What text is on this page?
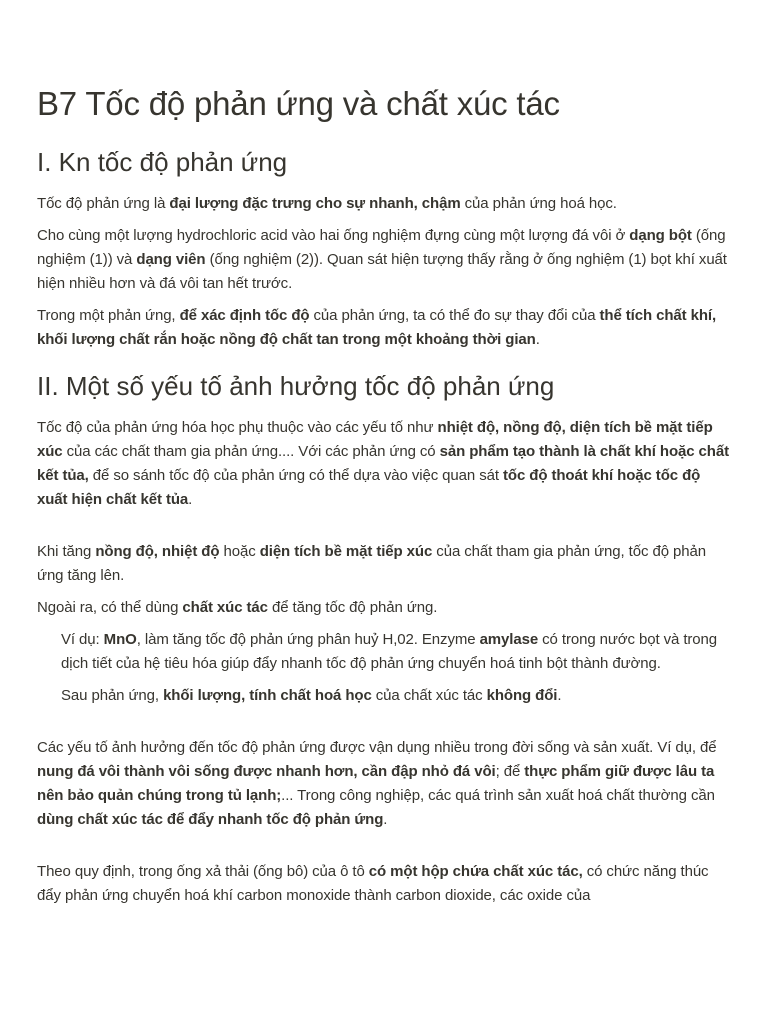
B7 Tốc độ phản ứng và chất xúc tác
I. Kn tốc độ phản ứng

Tốc độ phản ứng là đại lượng đặc trưng cho sự nhanh, chậm của phản ứng hoá học.

Cho cùng một lượng hydrochloric acid vào hai ống nghiệm đựng cùng một lượng đá vôi ở dạng bột (ống nghiệm (1)) và dạng viên (ống nghiệm (2)). Quan sát hiện tượng thấy rằng ở ống nghiệm (1) bọt khí xuất hiện nhiều hơn và đá vôi tan hết trước.

Trong một phản ứng, để xác định tốc độ của phản ứng, ta có thể đo sự thay đổi của thể tích chất khí, khối lượng chất rắn hoặc nồng độ chất tan trong một khoảng thời gian.

II. Một số yếu tố ảnh hưởng tốc độ phản ứng

Tốc độ của phản ứng hóa học phụ thuộc vào các yếu tố như nhiệt độ, nồng độ, diện tích bề mặt tiếp xúc của các chất tham gia phản ứng.... Với các phản ứng có sản phẩm tạo thành là chất khí hoặc chất kết tủa, để so sánh tốc độ của phản ứng có thể dựa vào việc quan sát tốc độ thoát khí hoặc tốc độ xuất hiện chất kết tủa.

Khi tăng nồng độ, nhiệt độ hoặc diện tích bề mặt tiếp xúc của chất tham gia phản ứng, tốc độ phản ứng tăng lên.

Ngoài ra, có thể dùng chất xúc tác để tăng tốc độ phản ứng.

Ví dụ: MnO, làm tăng tốc độ phản ứng phân huỷ H,02. Enzyme amylase có trong nước bọt và trong dịch tiết của hệ tiêu hóa giúp đẩy nhanh tốc độ phản ứng chuyển hoá tinh bột thành đường.

Sau phản ứng, khối lượng, tính chất hoá học của chất xúc tác không đổi.

Các yếu tố ảnh hưởng đến tốc độ phản ứng được vận dụng nhiều trong đời sống và sản xuất. Ví dụ, để nung đá vôi thành vôi sống được nhanh hơn, cần đập nhỏ đá vôi; để thực phẩm giữ được lâu ta nên bảo quản chúng trong tủ lạnh;... Trong công nghiệp, các quá trình sản xuất hoá chất thường cần dùng chất xúc tác để đẩy nhanh tốc độ phản ứng.

Theo quy định, trong ống xả thải (ống bô) của ô tô có một hộp chứa chất xúc tác, có chức năng thúc đẩy phản ứng chuyển hoá khí carbon monoxide thành carbon dioxide, các oxide của
